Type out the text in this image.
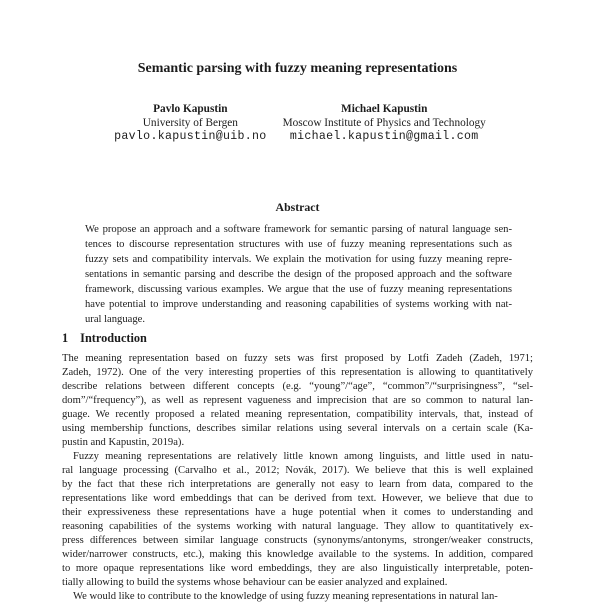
Semantic parsing with fuzzy meaning representations
Pavlo Kapustin
University of Bergen
pavlo.kapustin@uib.no
Michael Kapustin
Moscow Institute of Physics and Technology
michael.kapustin@gmail.com
Abstract
We propose an approach and a software framework for semantic parsing of natural language sen-
tences to discourse representation structures with use of fuzzy meaning representations such as
fuzzy sets and compatibility intervals. We explain the motivation for using fuzzy meaning repre-
sentations in semantic parsing and describe the design of the proposed approach and the software
framework, discussing various examples. We argue that the use of fuzzy meaning representations
have potential to improve understanding and reasoning capabilities of systems working with nat-
ural language.
1 Introduction
The meaning representation based on fuzzy sets was first proposed by Lotfi Zadeh (Zadeh, 1971;
Zadeh, 1972). One of the very interesting properties of this representation is allowing to quantitatively
describe relations between different concepts (e.g. “young”/“age”, “common”/“surprisingness”, “sel-
dom”/“frequency”), as well as represent vagueness and imprecision that are so common to natural lan-
guage. We recently proposed a related meaning representation, compatibility intervals, that, instead of
using membership functions, describes similar relations using several intervals on a certain scale (Ka-
pustin and Kapustin, 2019a).
Fuzzy meaning representations are relatively little known among linguists, and little used in natu-
ral language processing (Carvalho et al., 2012; Novák, 2017). We believe that this is well explained
by the fact that these rich interpretations are generally not easy to learn from data, compared to the
representations like word embeddings that can be derived from text. However, we believe that due to
their expressiveness these representations have a huge potential when it comes to understanding and
reasoning capabilities of the systems working with natural language. They allow to quantitatively ex-
press differences between similar language constructs (synonyms/antonyms, stronger/weaker constructs,
wider/narrower constructs, etc.), making this knowledge available to the systems. In addition, compared
to more opaque representations like word embeddings, they are also linguistically interpretable, poten-
tially allowing to build the systems whose behaviour can be easier analyzed and explained.
We would like to contribute to the knowledge of using fuzzy meaning representations in natural lan-
